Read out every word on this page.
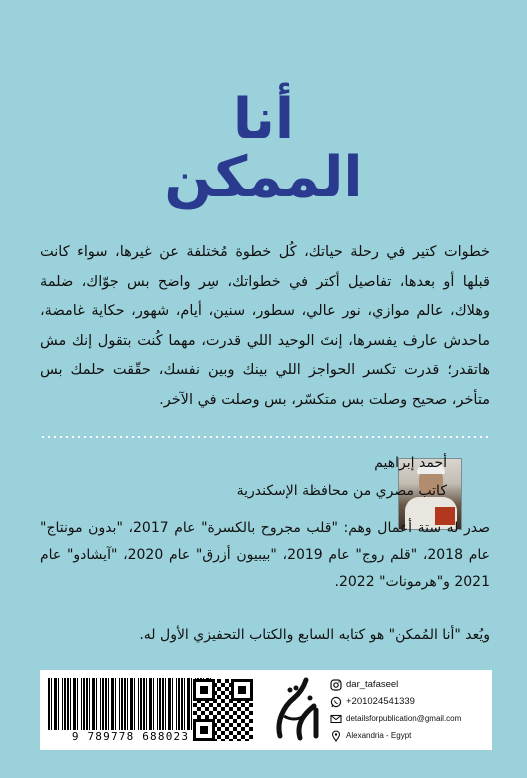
أنا
الممكن
خطوات كتير في رحلة حياتك، كُل خطوة مُختلفة عن غيرها، سواء كانت قبلها أو بعدها، تفاصيل أكتر في خطواتك، سِر واضح بس جوّاك، ضلمة وهلاك، عالم موازي، نور عالي، سطور، سنين، أيام، شهور، حكاية غامضة، ماحدش عارف يفسرها، إنتَ الوحيد اللي قدرت، مهما كُنت بتقول إنك مش هاتقدر؛ قدرت تكسر الحواجز اللي بينك وبين نفسك، حقّقت حلمك بس متأخر، صحيح وصلت بس متكسّر، بس وصلت في الآخر.
أحمد إبراهيم
كاتب مصري من محافظة الإسكندرية
صدر له ستة أعمال وهم: "قلب مجروح بالكسرة" عام 2017، "بدون مونتاج" عام 2018، "قلم روج" عام 2019، "بيبيون أزرق" عام 2020، "آيشادو" عام 2021 و"هرمونات" 2022.
ويُعد "أنا المُمكن" هو كتابه السابع والكتاب التحفيزي الأول له.
9 789778 688023
dar_tafaseel
+201024541339
detailsforpublication@gmail.com
Alexandria - Egypt
